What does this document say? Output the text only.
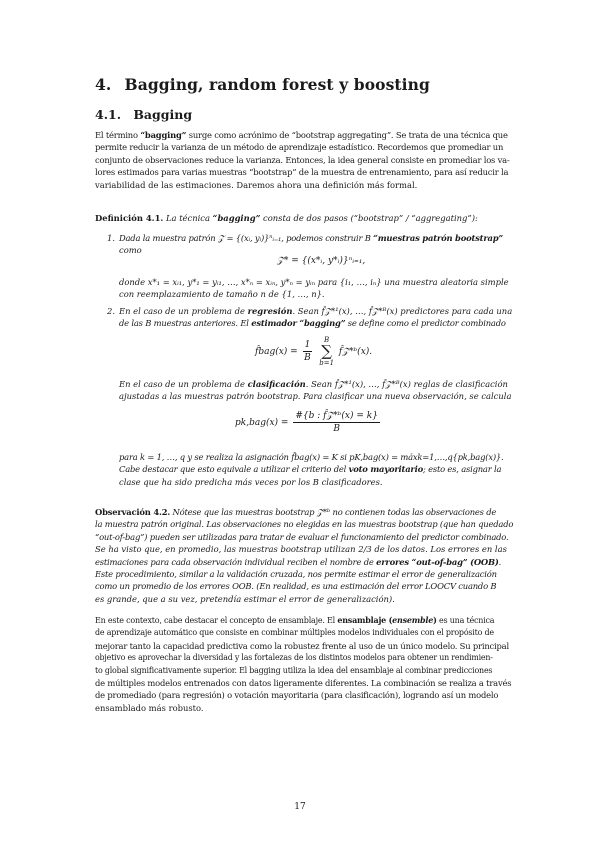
4. Bagging, random forest y boosting
4.1. Bagging
El término “bagging” surge como acrónimo de “bootstrap aggregating”. Se trata de una técnica que
permite reducir la varianza de un método de aprendizaje estadístico. Recordemos que promediar un
conjunto de observaciones reduce la varianza. Entonces, la idea general consiste en promediar los va-
lores estimados para varias muestras “bootstrap” de la muestra de entrenamiento, para así reducir la
variabilidad de las estimaciones. Daremos ahora una definición más formal.
Definición 4.1. La técnica “bagging” consta de dos pasos (“bootstrap” / “aggregating”):
1. Dada la muestra patrón 𝒵 = {(xᵢ, yᵢ)}ⁿᵢ₌₁, podemos construir B “muestras patrón bootstrap”
como
𝒵* = {(x*ᵢ, y*ᵢ)}ⁿᵢ₌₁,
donde x*₁ = xᵢ₁, y*₁ = yᵢ₁, …, x*ₙ = xᵢₙ, y*ₙ = yᵢₙ para {i₁, …, iₙ} una muestra aleatoria simple
con reemplazamiento de tamaño n de {1, …, n}.
2. En el caso de un problema de regresión. Sean f̂𝒵*¹(x), …, f̂𝒵*ᴮ(x) predictores para cada una
de las B muestras anteriores. El estimador “bagging” se define como el predictor combinado
f̂bag(x) = $\frac{1}{B}$ B
∑
b=1 f̂𝒵*ᵇ(x).
En el caso de un problema de clasificación. Sean f̂𝒵*¹(x), …, f̂𝒵*ᴮ(x) reglas de clasificación
ajustadas a las muestras patrón bootstrap. Para clasificar una nueva observación, se calcula
$pk,bag(x) = \frac{\text{\#\{b : f̂𝒵*ᵇ(x) = k\}}}{B}$
para k = 1, …, q y se realiza la asignación f̂bag(x) = K si pK,bag(x) = máxk=1,…,q{pk,bag(x)}.
Cabe destacar que esto equivale a utilizar el criterio del voto mayoritario; esto es, asignar la
clase que ha sido predicha más veces por los B clasificadores.
Observación 4.2. Nótese que las muestras bootstrap 𝒵*ᵇ no contienen todas las observaciones de
la muestra patrón original. Las observaciones no elegidas en las muestras bootstrap (que han quedado
“out-of-bag”) pueden ser utilizadas para tratar de evaluar el funcionamiento del predictor combinado.
Se ha visto que, en promedio, las muestras bootstrap utilizan 2/3 de los datos. Los errores en las
estimaciones para cada observación individual reciben el nombre de errores “out-of-bag” (OOB).
Este procedimiento, similar a la validación cruzada, nos permite estimar el error de generalización
como un promedio de los errores OOB. (En realidad, es una estimación del error LOOCV cuando B
es grande, que a su vez, pretendía estimar el error de generalización).
En este contexto, cabe destacar el concepto de ensamblaje. El ensamblaje (ensemble) es una técnica
de aprendizaje automático que consiste en combinar múltiples modelos individuales con el propósito de
mejorar tanto la capacidad predictiva como la robustez frente al uso de un único modelo. Su principal
objetivo es aprovechar la diversidad y las fortalezas de los distintos modelos para obtener un rendimien-
to global significativamente superior. El bagging utiliza la idea del ensamblaje al combinar predicciones
de múltiples modelos entrenados con datos ligeramente diferentes. La combinación se realiza a través
de promediado (para regresión) o votación mayoritaria (para clasificación), logrando así un modelo
ensamblado más robusto.
17
